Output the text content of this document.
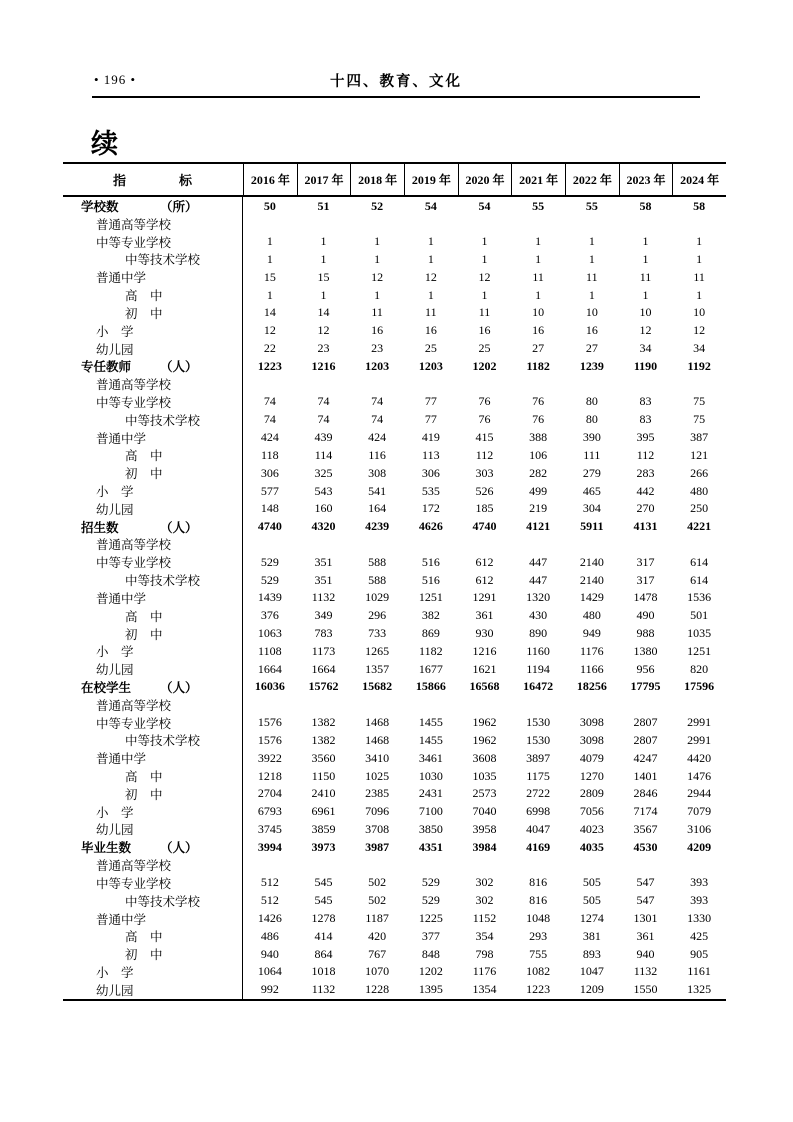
• 196 •	十四、教育、文化
续
指	标	2016 年	2017 年	2018 年	2019 年	2020 年	2021 年	2022 年	2023 年	2024 年
学校数	（所）	50	51	52	54	54	55	55	58	58
普通高等学校
中等专业学校	1	1	1	1	1	1	1	1	1
中等技术学校	1	1	1	1	1	1	1	1	1
普通中学	15	15	12	12	12	11	11	11	11
高　中	1	1	1	1	1	1	1	1	1
初　中	14	14	11	11	11	10	10	10	10
小　学	12	12	16	16	16	16	16	12	12
幼儿园	22	23	23	25	25	27	27	34	34
专任教师 （人）	1223	1216	1203	1203	1202	1182	1239	1190	1192
普通高等学校
中等专业学校	74	74	74	77	76	76	80	83	75
中等技术学校	74	74	74	77	76	76	80	83	75
普通中学	424	439	424	419	415	388	390	395	387
高　中	118	114	116	113	112	106	111	112	121
初　中	306	325	308	306	303	282	279	283	266
小　学	577	543	541	535	526	499	465	442	480
幼儿园	148	160	164	172	185	219	304	270	250
招生数	（人）	4740	4320	4239	4626	4740	4121	5911	4131	4221
普通高等学校
中等专业学校	529	351	588	516	612	447	2140	317	614
中等技术学校	529	351	588	516	612	447	2140	317	614
普通中学	1439	1132	1029	1251	1291	1320	1429	1478	1536
高　中	376	349	296	382	361	430	480	490	501
初　中	1063	783	733	869	930	890	949	988	1035
小　学	1108	1173	1265	1182	1216	1160	1176	1380	1251
幼儿园	1664	1664	1357	1677	1621	1194	1166	956	820
在校学生 （人）	16036	15762	15682	15866	16568	16472	18256	17795	17596
普通高等学校
中等专业学校	1576	1382	1468	1455	1962	1530	3098	2807	2991
中等技术学校	1576	1382	1468	1455	1962	1530	3098	2807	2991
普通中学	3922	3560	3410	3461	3608	3897	4079	4247	4420
高　中	1218	1150	1025	1030	1035	1175	1270	1401	1476
初　中	2704	2410	2385	2431	2573	2722	2809	2846	2944
小　学	6793	6961	7096	7100	7040	6998	7056	7174	7079
幼儿园	3745	3859	3708	3850	3958	4047	4023	3567	3106
毕业生数 （人）	3994	3973	3987	4351	3984	4169	4035	4530	4209
普通高等学校
中等专业学校	512	545	502	529	302	816	505	547	393
中等技术学校	512	545	502	529	302	816	505	547	393
普通中学	1426	1278	1187	1225	1152	1048	1274	1301	1330
高　中	486	414	420	377	354	293	381	361	425
初　中	940	864	767	848	798	755	893	940	905
小　学	1064	1018	1070	1202	1176	1082	1047	1132	1161
幼儿园	992	1132	1228	1395	1354	1223	1209	1550	1325
